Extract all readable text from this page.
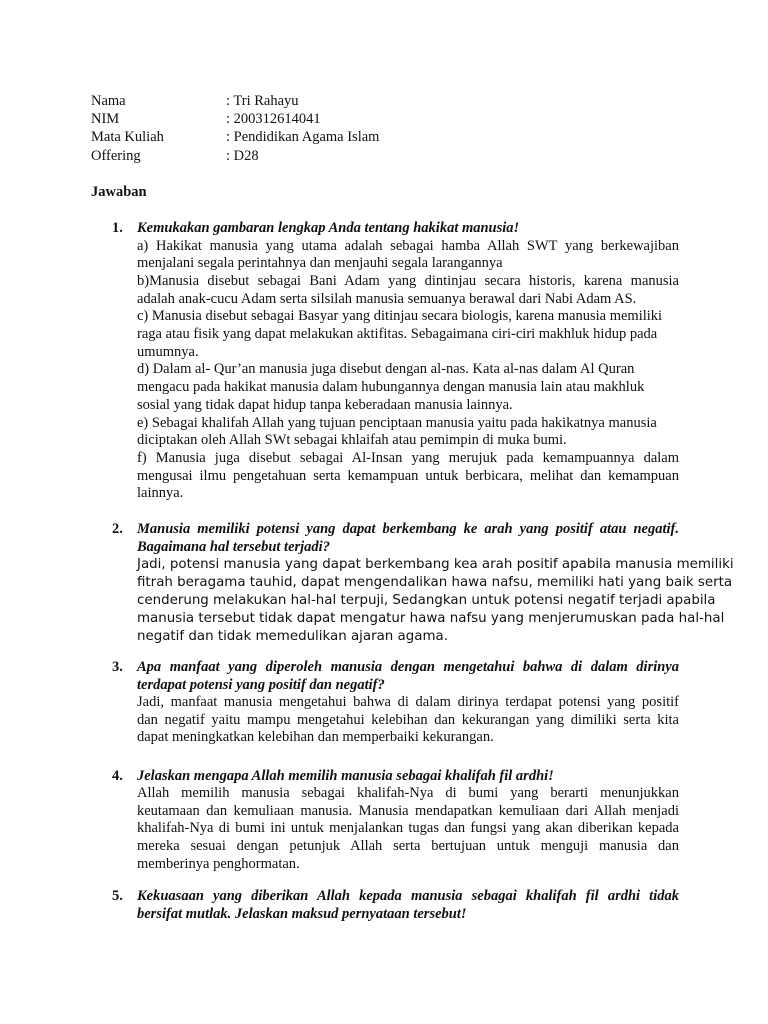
Nama	: Tri Rahayu
NIM	: 200312614041
Mata Kuliah	: Pendidikan Agama Islam
Offering	: D28
Jawaban
1. Kemukakan gambaran lengkap Anda tentang hakikat manusia!
a) Hakikat manusia yang utama adalah sebagai hamba Allah SWT yang berkewajiban
menjalani segala perintahnya dan menjauhi segala larangannya
b)Manusia disebut sebagai Bani Adam yang dintinjau secara historis, karena manusia
adalah anak-cucu Adam serta silsilah manusia semuanya berawal dari Nabi Adam AS.
c) Manusia disebut sebagai Basyar yang ditinjau secara biologis, karena manusia memiliki
raga atau fisik yang dapat melakukan aktifitas. Sebagaimana ciri-ciri makhluk hidup pada
umumnya.
d) Dalam al- Qur’an manusia juga disebut dengan al-nas. Kata al-nas dalam Al Quran
mengacu pada hakikat manusia dalam hubungannya dengan manusia lain atau makhluk
sosial yang tidak dapat hidup tanpa keberadaan manusia lainnya.
e) Sebagai khalifah Allah yang tujuan penciptaan manusia yaitu pada hakikatnya manusia
diciptakan oleh Allah SWt sebagai khlaifah atau pemimpin di muka bumi.
f) Manusia juga disebut sebagai Al-Insan yang merujuk pada kemampuannya dalam
mengusai ilmu pengetahuan serta kemampuan untuk berbicara, melihat dan kemampuan
lainnya.
2. Manusia memiliki potensi yang dapat berkembang ke arah yang positif atau negatif.
Bagaimana hal tersebut terjadi?
Jadi, potensi manusia yang dapat berkembang kea arah positif apabila manusia memiliki
fitrah beragama tauhid, dapat mengendalikan hawa nafsu, memiliki hati yang baik serta
cenderung melakukan hal-hal terpuji, Sedangkan untuk potensi negatif terjadi apabila
manusia tersebut tidak dapat mengatur hawa nafsu yang menjerumuskan pada hal-hal
negatif dan tidak memedulikan ajaran agama.
3. Apa manfaat yang diperoleh manusia dengan mengetahui bahwa di dalam dirinya
terdapat potensi yang positif dan negatif?
Jadi, manfaat manusia mengetahui bahwa di dalam dirinya terdapat potensi yang positif
dan negatif yaitu mampu mengetahui kelebihan dan kekurangan yang dimiliki serta kita
dapat meningkatkan kelebihan dan memperbaiki kekurangan.
4. Jelaskan mengapa Allah memilih manusia sebagai khalifah fil ardhi!
Allah memilih manusia sebagai khalifah-Nya di bumi yang berarti menunjukkan
keutamaan dan kemuliaan manusia. Manusia mendapatkan kemuliaan dari Allah menjadi
khalifah-Nya di bumi ini untuk menjalankan tugas dan fungsi yang akan diberikan kepada
mereka sesuai dengan petunjuk Allah serta bertujuan untuk menguji manusia dan
memberinya penghormatan.
5. Kekuasaan yang diberikan Allah kepada manusia sebagai khalifah fil ardhi tidak
bersifat mutlak. Jelaskan maksud pernyataan tersebut!
